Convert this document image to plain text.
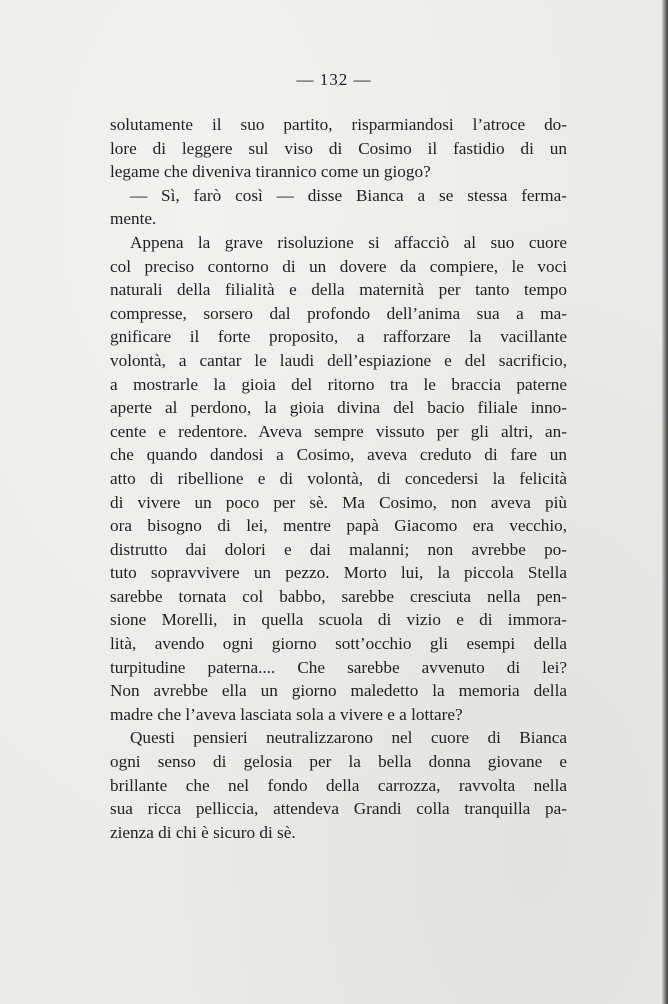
— 132 —
solutamente il suo partito, risparmiandosi l’atroce do-
lore di leggere sul viso di Cosimo il fastidio di un
legame che diveniva tirannico come un giogo?
— Sì, farò così — disse Bianca a se stessa ferma-
mente.
Appena la grave risoluzione si affacciò al suo cuore
col preciso contorno di un dovere da compiere, le voci
naturali della filialità e della maternità per tanto tempo
compresse, sorsero dal profondo dell’anima sua a ma-
gnificare il forte proposito, a rafforzare la vacillante
volontà, a cantar le laudi dell’espiazione e del sacrificio,
a mostrarle la gioia del ritorno tra le braccia paterne
aperte al perdono, la gioia divina del bacio filiale inno-
cente e redentore. Aveva sempre vissuto per gli altri, an-
che quando dandosi a Cosimo, aveva creduto di fare un
atto di ribellione e di volontà, di concedersi la felicità
di vivere un poco per sè. Ma Cosimo, non aveva più
ora bisogno di lei, mentre papà Giacomo era vecchio,
distrutto dai dolori e dai malanni; non avrebbe po-
tuto sopravvivere un pezzo. Morto lui, la piccola Stella
sarebbe tornata col babbo, sarebbe cresciuta nella pen-
sione Morelli, in quella scuola di vizio e di immora-
lità, avendo ogni giorno sott’occhio gli esempi della
turpitudine paterna.... Che sarebbe avvenuto di lei?
Non avrebbe ella un giorno maledetto la memoria della
madre che l’aveva lasciata sola a vivere e a lottare?
Questi pensieri neutralizzarono nel cuore di Bianca
ogni senso di gelosia per la bella donna giovane e
brillante che nel fondo della carrozza, ravvolta nella
sua ricca pelliccia, attendeva Grandi colla tranquilla pa-
zienza di chi è sicuro di sè.
